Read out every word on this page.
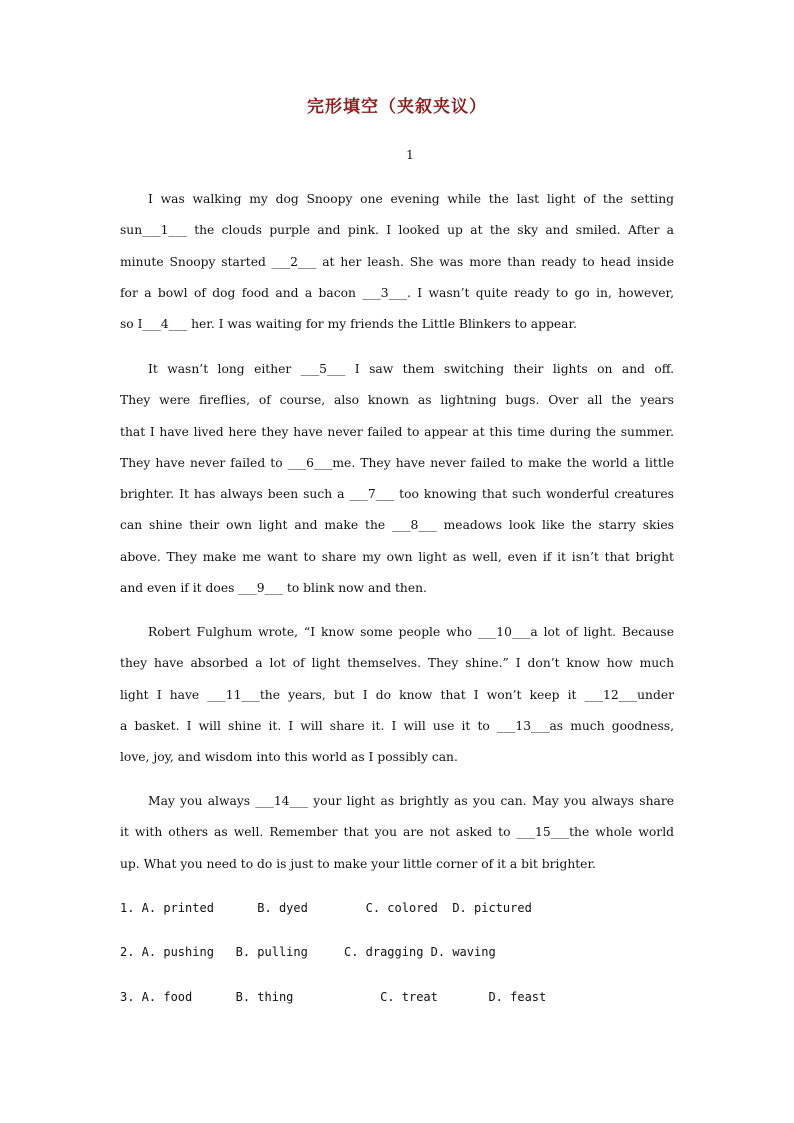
完形填空（夹叙夹议）
1
I was walking my dog Snoopy one evening while the last light of the setting
sun___1___ the clouds purple and pink. I looked up at the sky and smiled. After a
minute Snoopy started ___2___ at her leash. She was more than ready to head inside
for a bowl of dog food and a bacon ___3___. I wasn’t quite ready to go in, however,
so I___4___ her. I was waiting for my friends the Little Blinkers to appear.
It wasn’t long either ___5___ I saw them switching their lights on and off.
They were fireflies, of course, also known as lightning bugs. Over all the years
that I have lived here they have never failed to appear at this time during the summer.
They have never failed to ___6___me. They have never failed to make the world a little
brighter. It has always been such a ___7___ too knowing that such wonderful creatures
can shine their own light and make the ___8___ meadows look like the starry skies
above. They make me want to share my own light as well, even if it isn’t that bright
and even if it does ___9___ to blink now and then.
Robert Fulghum wrote, “I know some people who ___10___a lot of light. Because
they have absorbed a lot of light themselves. They shine.” I don’t know how much
light I have ___11___the years, but I do know that I won’t keep it ___12___under
a basket. I will shine it. I will share it. I will use it to ___13___as much goodness,
love, joy, and wisdom into this world as I possibly can.
May you always ___14___ your light as brightly as you can. May you always share
it with others as well. Remember that you are not asked to ___15___the whole world
up. What you need to do is just to make your little corner of it a bit brighter.
1. A. printed      B. dyed        C. colored  D. pictured
2. A. pushing   B. pulling     C. dragging D. waving
3. A. food      B. thing            C. treat       D. feast
